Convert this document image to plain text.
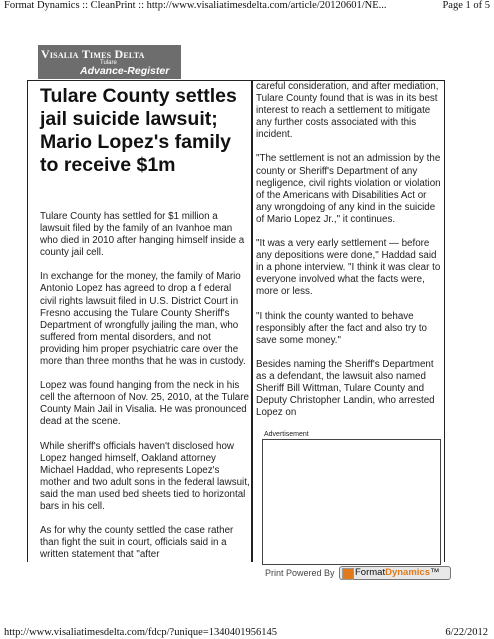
Format Dynamics :: CleanPrint :: http://www.visaliatimesdelta.com/article/20120601/NE...	Page 1 of 5
Visalia Times Delta
Tulare
Advance-Register
Tulare County settles jail suicide lawsuit; Mario Lopez's family to receive $1m

Tulare County has settled for $1 million a lawsuit filed by the family of an Ivanhoe man who died in 2010 after hanging himself inside a county jail cell.

In exchange for the money, the family of Mario Antonio Lopez has agreed to drop a f ederal civil rights lawsuit filed in U.S. District Court in Fresno accusing the Tulare County Sheriff's Department of wrongfully jailing the man, who suffered from mental disorders, and not providing him proper psychiatric care over the more than three months that he was in custody.

Lopez was found hanging from the neck in his cell the afternoon of Nov. 25, 2010, at the Tulare County Main Jail in Visalia. He was pronounced dead at the scene.

While sheriff's officials haven't disclosed how Lopez hanged himself, Oakland attorney Michael Haddad, who represents Lopez's mother and two adult sons in the federal lawsuit, said the man used bed sheets tied to horizontal bars in his cell.

As for why the county settled the case rather than fight the suit in court, officials said in a written statement that "after

careful consideration, and after mediation, Tulare County found that is was in its best interest to reach a settlement to mitigate any further costs associated with this incident.

"The settlement is not an admission by the county or Sheriff's Department of any negligence, civil rights violation or violation of the Americans with Disabilities Act or any wrongdoing of any kind in the suicide of Mario Lopez Jr.," it continues.

"It was a very early settlement — before any depositions were done," Haddad said in a phone interview. "I think it was clear to everyone involved what the facts were, more or less.

"I think the county wanted to behave responsibly after the fact and also try to save some money."

Besides naming the Sheriff's Department as a defendant, the lawsuit also named Sheriff Bill Wittman, Tulare County and Deputy Christopher Landin, who arrested Lopez on

Advertisement
Print Powered By FormatDynamics™
http://www.visaliatimesdelta.com/fdcp/?unique=1340401956145	6/22/2012
